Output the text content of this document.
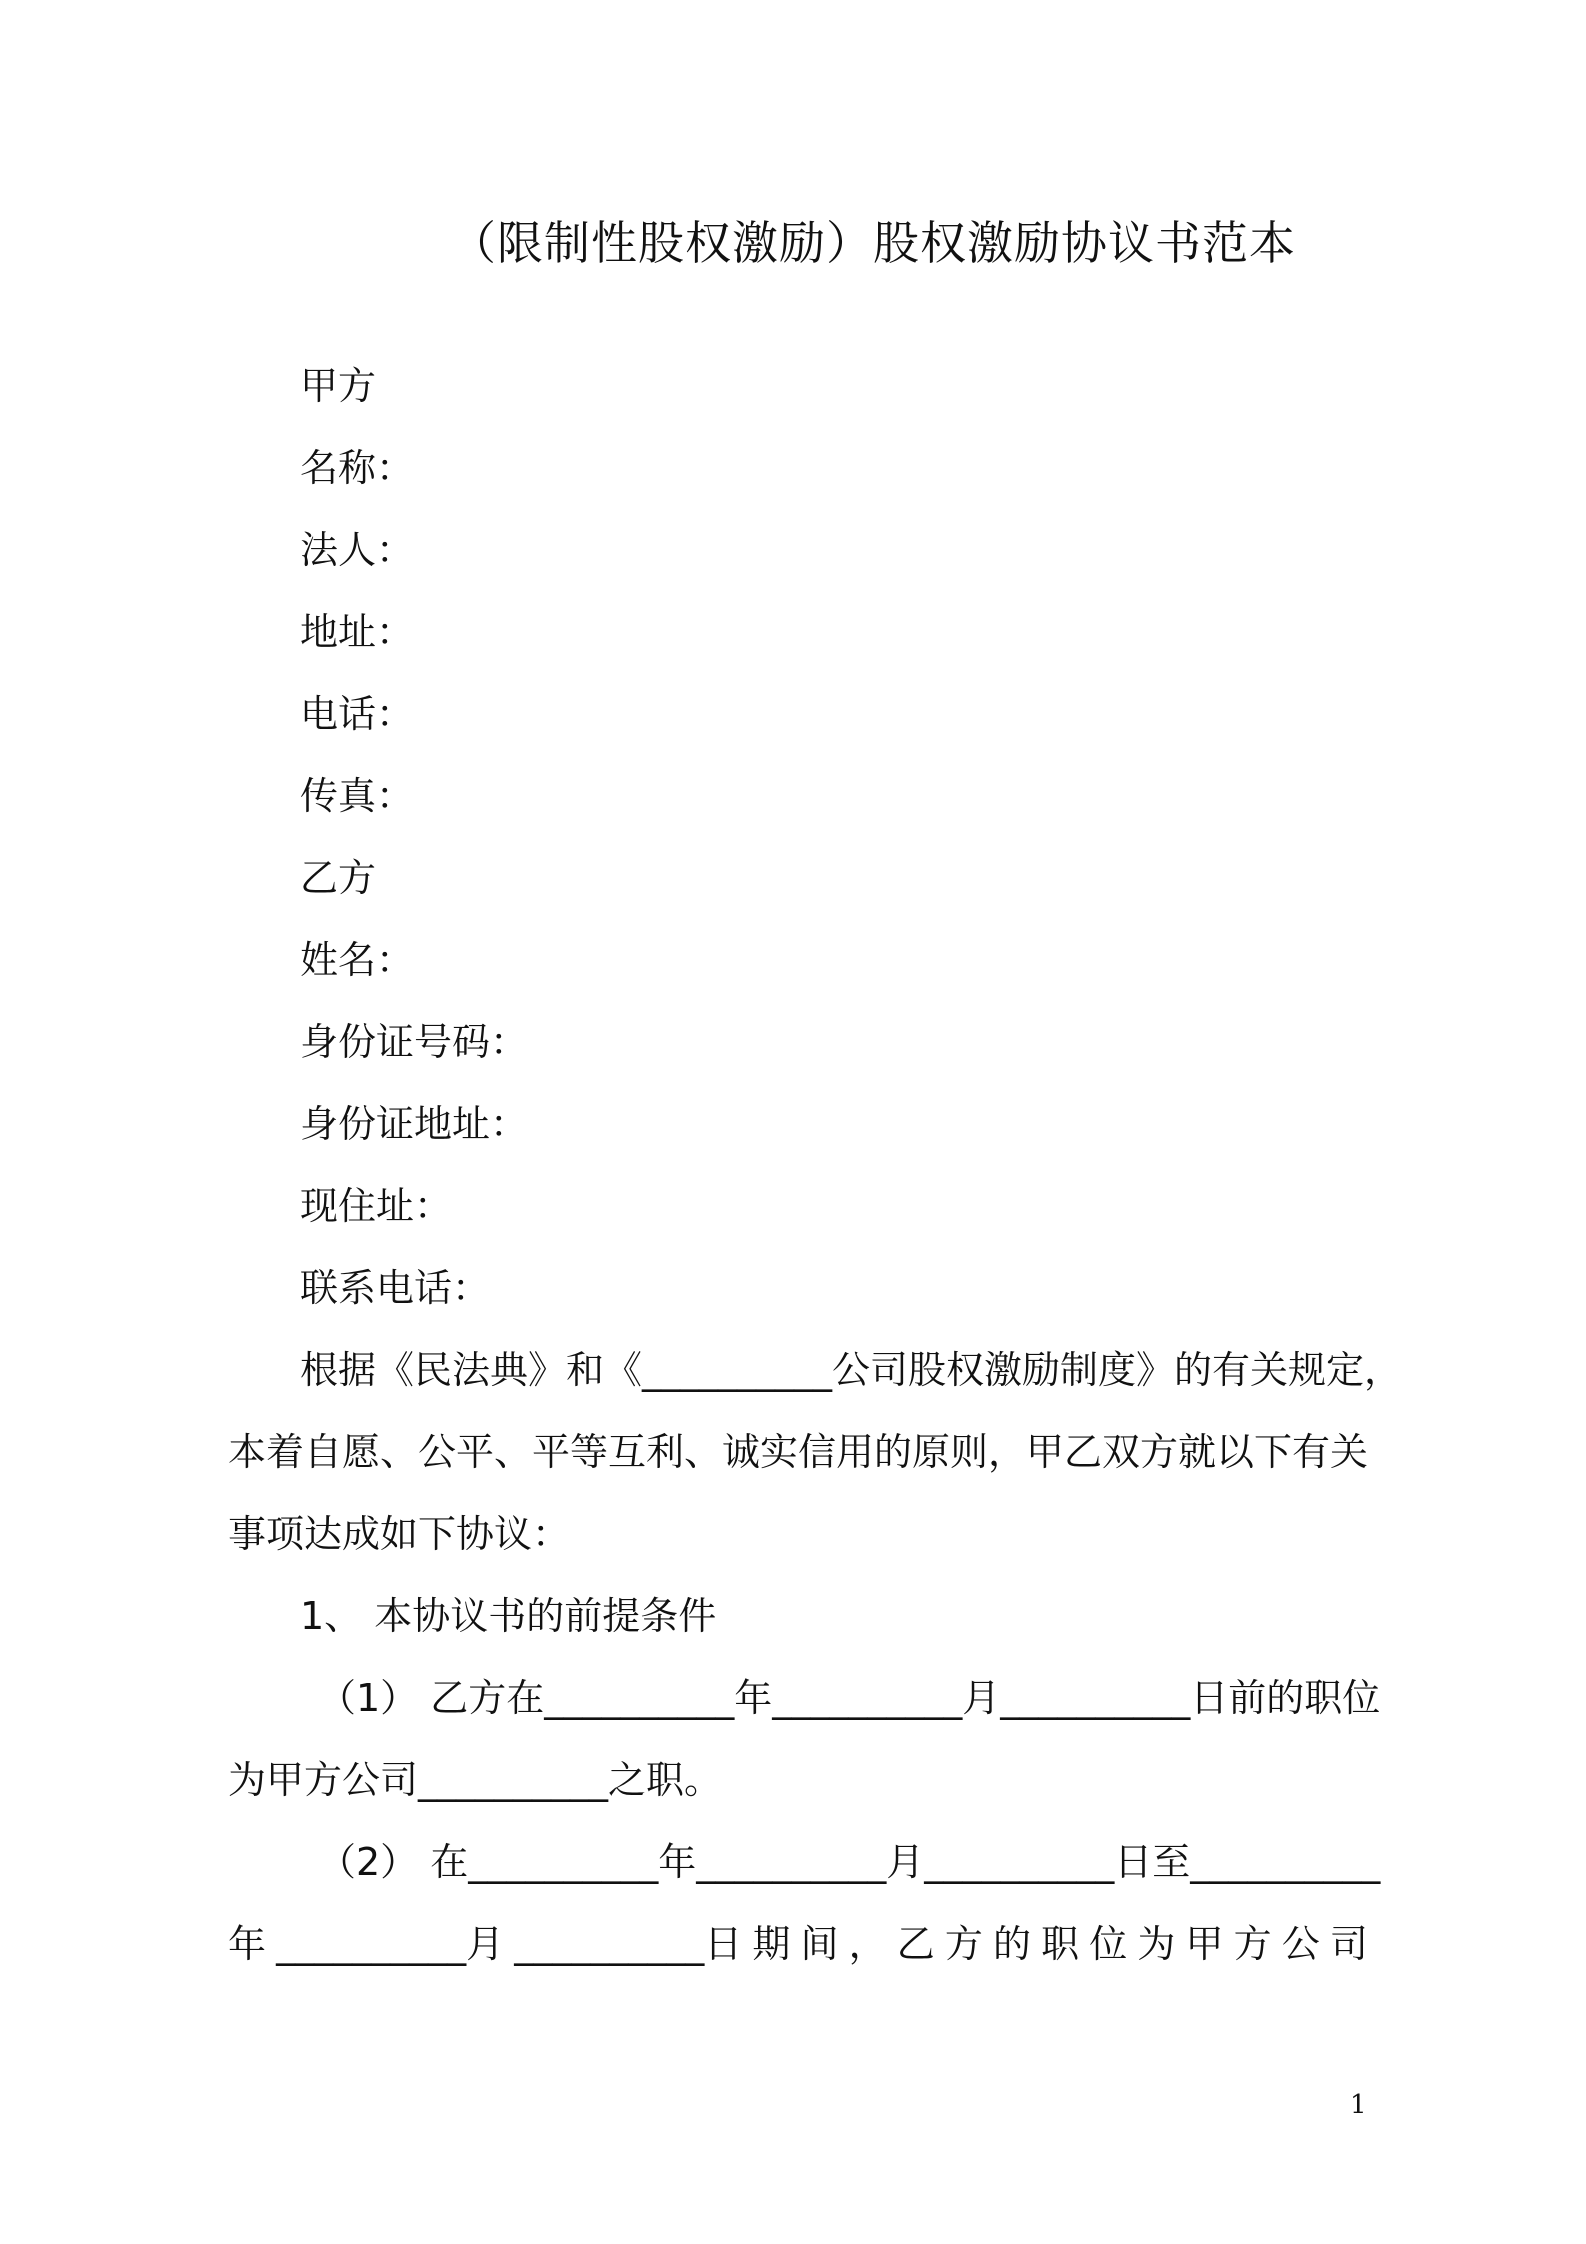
（限制性股权激励）股权激励协议书范本
甲方
名称：
法人：
地址：
电话：
传真：
乙方
姓名：
身份证号码：
身份证地址：
现住址：
联系电话：
根据《民法典》和《__________公司股权激励制度》的有关规定，
本着自愿、公平、平等互利、诚实信用的原则，甲乙双方就以下有关
事项达成如下协议：
1、 本协议书的前提条件
（1） 乙方在__________年__________月__________日前的职位
为甲方公司__________之职。
（2） 在__________年__________月__________日至__________
年 __________月 __________日 期 间 ， 乙 方 的 职 位 为 甲 方 公 司
1
